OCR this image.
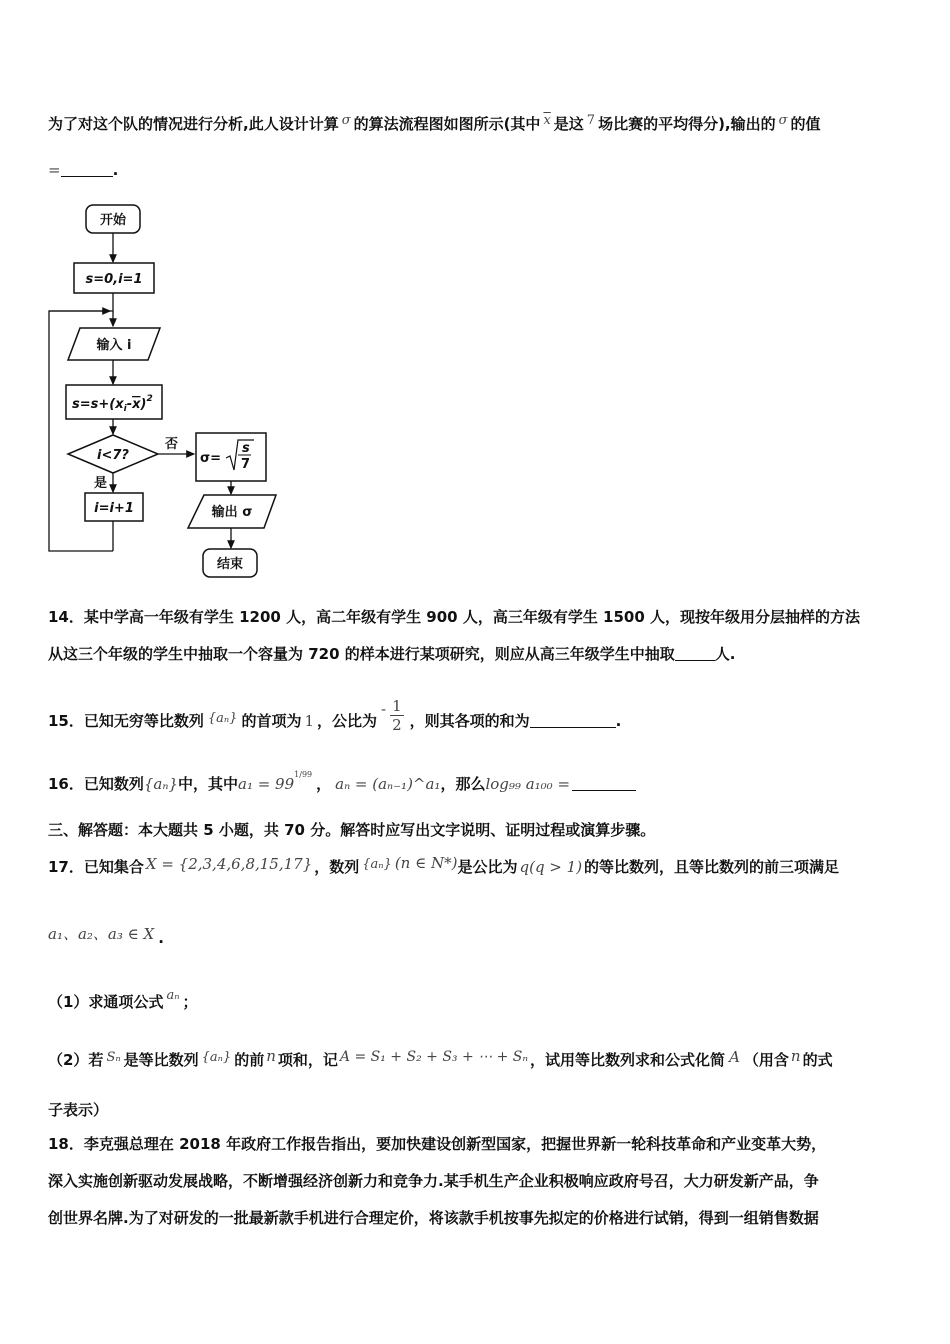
为了对这个队的情况进行分析,此人设计计算 σ 的算法流程图如图所示(其中 $\overline{x}$ 是这 7 场比赛的平均得分),输出的 σ 的值
=	.
开始
s=0,i=1
输入 i
$s=s+(x_i-x)^2$
i<7?
否
是
i=i+1
σ=
s
7
输出 σ
结束
14．某中学高一年级有学生 1200 人，高二年级有学生 900 人，高三年级有学生 1500 人，现按年级用分层抽样的方法
从这三个年级的学生中抽取一个容量为 720 的样本进行某项研究，则应从高三年级学生中抽取	人.
15．已知无穷等比数列 {aₙ} 的首项为 1 ，公比为- $\frac{1}{2}$ ，则其各项的和为	.
16．已知数列{aₙ}中，其中$a_1 = 99^{1/99}$， aₙ = (aₙ₋₁)^a₁，那么log₉₉ a₁₀₀ =
三、解答题：本大题共 5 小题，共 70 分。解答时应写出文字说明、证明过程或演算步骤。
17．已知集合 X = {2,3,4,6,8,15,17} ，数列 {aₙ} (n ∈ N*)是公比为 q(q > 1) 的等比数列，且等比数列的前三项满足
a₁、a₂、a₃ ∈ X .
（1）求通项公式 aₙ ；
（2）若 Sₙ 是等比数列 {aₙ} 的前 n 项和，记 A = S₁ + S₂ + S₃ + ⋯ + Sₙ ，试用等比数列求和公式化简 A （用含 n 的式
子表示）
18．李克强总理在 2018 年政府工作报告指出，要加快建设创新型国家，把握世界新一轮科技革命和产业变革大势，
深入实施创新驱动发展战略，不断增强经济创新力和竞争力.某手机生产企业积极响应政府号召，大力研发新产品，争
创世界名牌.为了对研发的一批最新款手机进行合理定价，将该款手机按事先拟定的价格进行试销，得到一组销售数据
